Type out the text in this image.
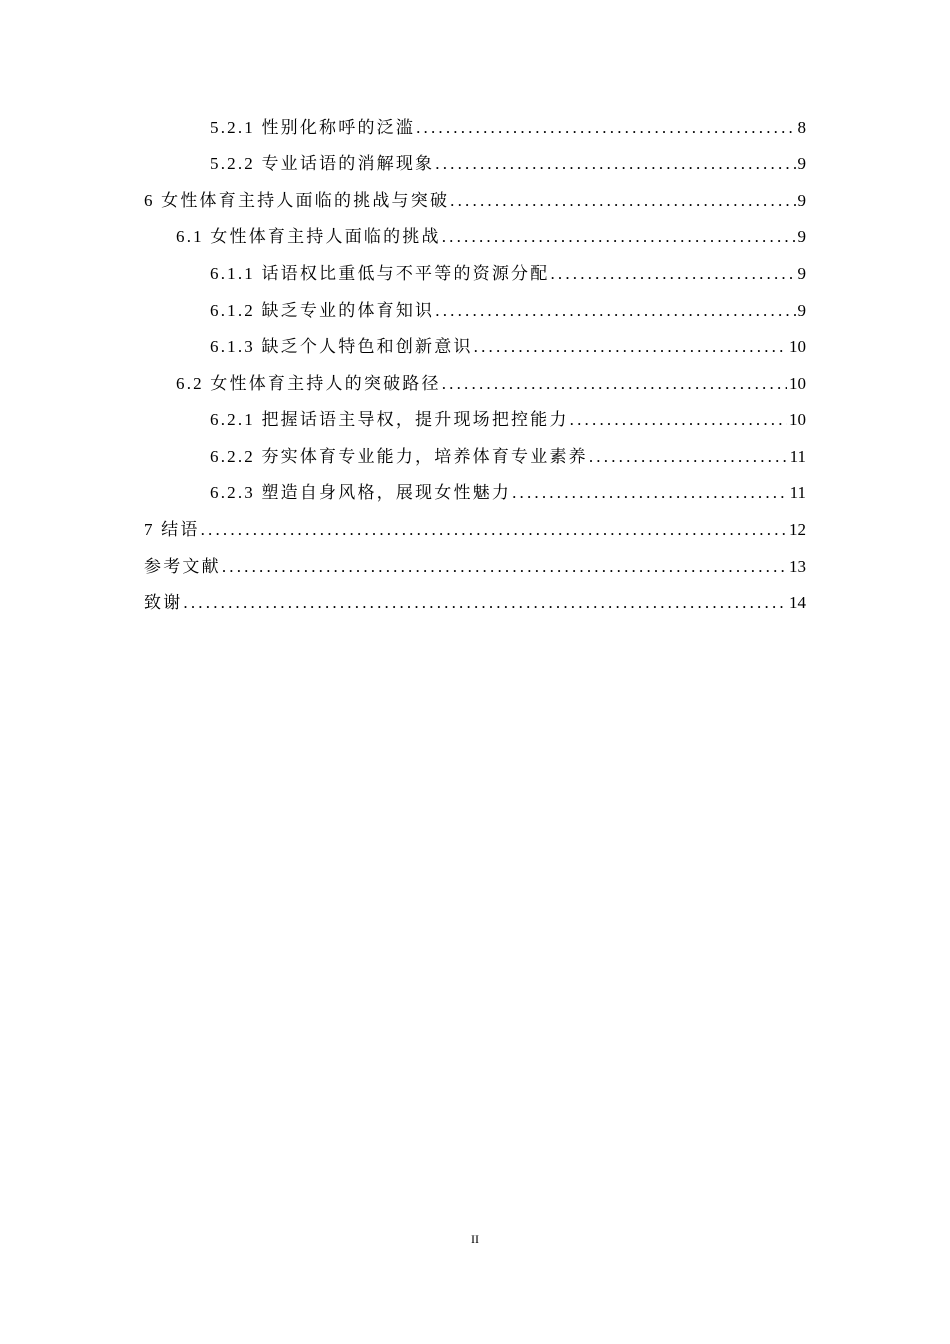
5.2.1 性别化称呼的泛滥 .....	8
5.2.2 专业话语的消解现象 .....	9
6 女性体育主持人面临的挑战与突破 .....	9
6.1 女性体育主持人面临的挑战 .....	9
6.1.1 话语权比重低与不平等的资源分配 .....	9
6.1.2 缺乏专业的体育知识 .....	9
6.1.3 缺乏个人特色和创新意识 .....	10
6.2 女性体育主持人的突破路径 .....	10
6.2.1 把握话语主导权，提升现场把控能力 .....	10
6.2.2 夯实体育专业能力，培养体育专业素养 .....	11
6.2.3 塑造自身风格，展现女性魅力 .....	11
7 结语 .....	12
参考文献 .....	13
致谢 .....	14
II
